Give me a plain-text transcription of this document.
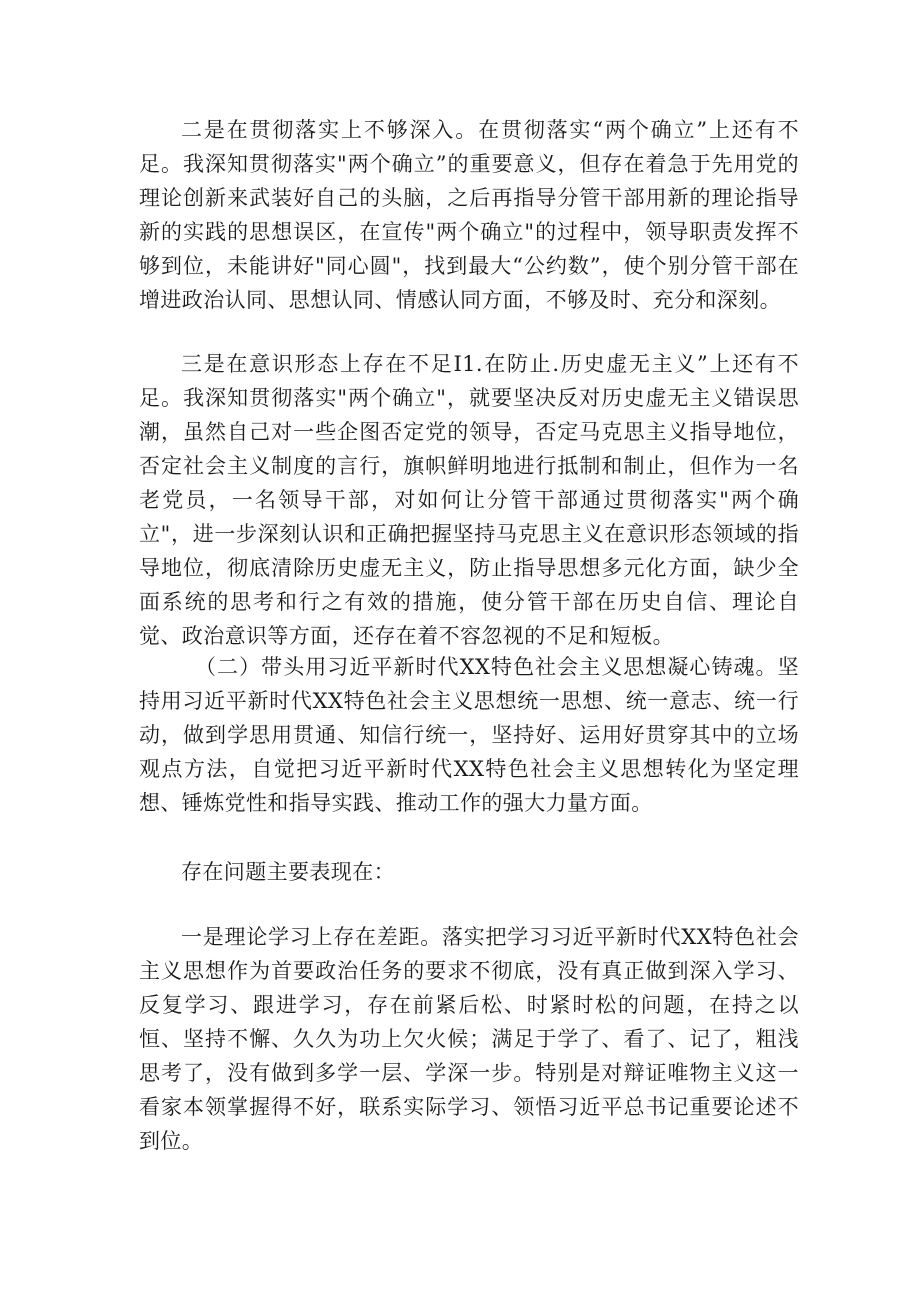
二是在贯彻落实上不够深入。在贯彻落实“两个确立”上还有不足。我深知贯彻落实"两个确立”的重要意义，但存在着急于先用党的理论创新来武装好自己的头脑，之后再指导分管干部用新的理论指导新的实践的思想误区，在宣传"两个确立"的过程中，领导职责发挥不够到位，未能讲好"同心圆"，找到最大“公约数”，使个别分管干部在增进政治认同、思想认同、情感认同方面，不够及时、充分和深刻。

三是在意识形态上存在不足I1.在防止.历史虚无主义”上还有不足。我深知贯彻落实"两个确立"，就要坚决反对历史虚无主义错误思潮，虽然自己对一些企图否定党的领导，否定马克思主义指导地位，否定社会主义制度的言行，旗帜鲜明地进行抵制和制止，但作为一名老党员，一名领导干部，对如何让分管干部通过贯彻落实"两个确立"，进一步深刻认识和正确把握坚持马克思主义在意识形态领域的指导地位，彻底清除历史虚无主义，防止指导思想多元化方面，缺少全面系统的思考和行之有效的措施，使分管干部在历史自信、理论自觉、政治意识等方面，还存在着不容忽视的不足和短板。

（二）带头用习近平新时代XX特色社会主义思想凝心铸魂。坚持用习近平新时代XX特色社会主义思想统一思想、统一意志、统一行动，做到学思用贯通、知信行统一，坚持好、运用好贯穿其中的立场观点方法，自觉把习近平新时代XX特色社会主义思想转化为坚定理想、锤炼党性和指导实践、推动工作的强大力量方面。

存在问题主要表现在：

一是理论学习上存在差距。落实把学习习近平新时代XX特色社会主义思想作为首要政治任务的要求不彻底，没有真正做到深入学习、反复学习、跟进学习，存在前紧后松、时紧时松的问题，在持之以恒、坚持不懈、久久为功上欠火候；满足于学了、看了、记了，粗浅思考了，没有做到多学一层、学深一步。特别是对辩证唯物主义这一看家本领掌握得不好，联系实际学习、领悟习近平总书记重要论述不到位。
